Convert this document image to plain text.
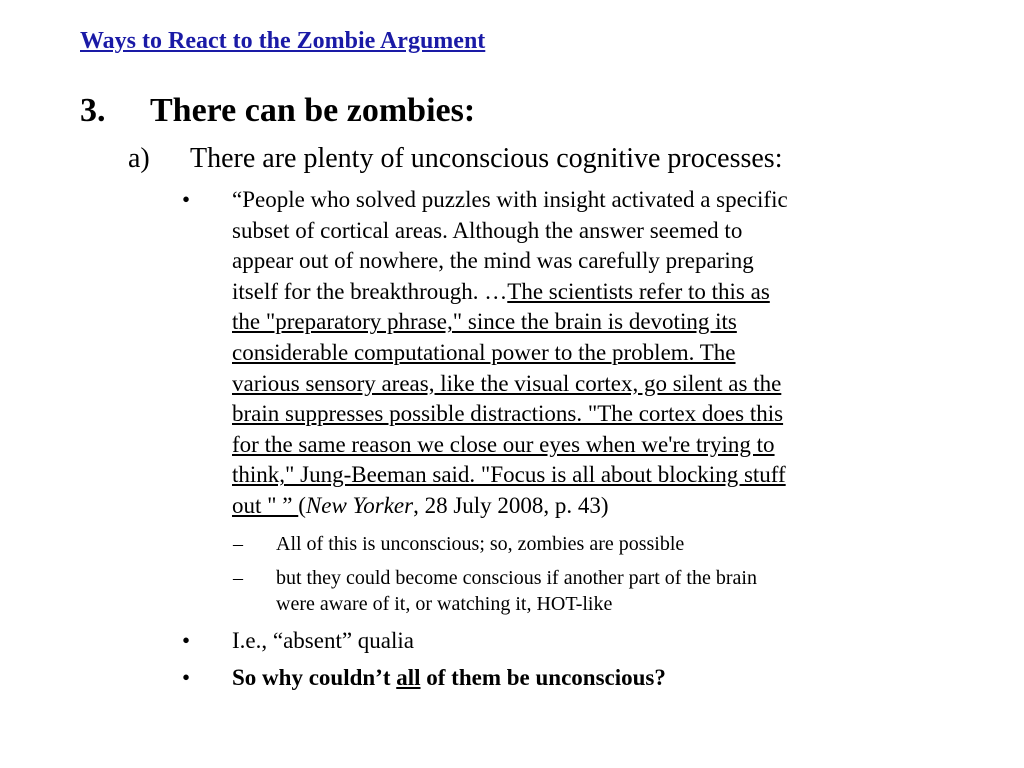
Ways to React to the Zombie Argument
3. There can be zombies:
a) There are plenty of unconscious cognitive processes:
• “People who solved puzzles with insight activated a specific
subset of cortical areas. Although the answer seemed to
appear out of nowhere, the mind was carefully preparing
itself for the breakthrough. …The scientists refer to this as
the "preparatory phrase," since the brain is devoting its
considerable computational power to the problem. The
various sensory areas, like the visual cortex, go silent as the
brain suppresses possible distractions. "The cortex does this
for the same reason we close our eyes when we're trying to
think," Jung-Beeman said. "Focus is all about blocking stuff
out " ” (New Yorker, 28 July 2008, p. 43)
– All of this is unconscious; so, zombies are possible
– but they could become conscious if another part of the brain
were aware of it, or watching it, HOT-like
• I.e., “absent” qualia
• So why couldn’t all of them be unconscious?
